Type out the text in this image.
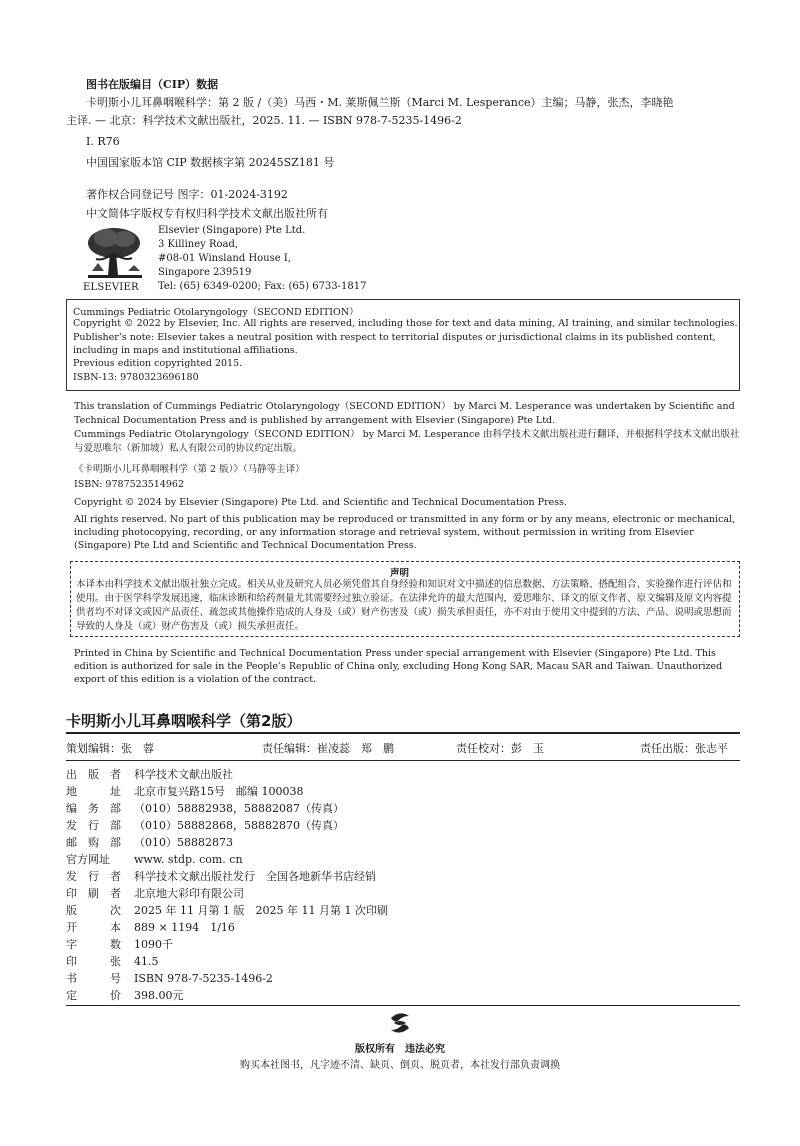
图书在版编目（CIP）数据
卡明斯小儿耳鼻咽喉科学：第 2 版 /（美）马西・M. 莱斯佩兰斯（Marci M. Lesperance）主编；马静，张杰，李晓艳
主译. — 北京：科学技术文献出版社，2025. 11. — ISBN 978-7-5235-1496-2
Ⅰ. R76
中国国家版本馆 CIP 数据核字第 20245SZ181 号
著作权合同登记号 图字：01-2024-3192
中文简体字版权专有权归科学技术文献出版社所有
ELSEVIER
Elsevier (Singapore) Pte Ltd.
3 Killiney Road,
#08-01 Winsland House I,
Singapore 239519
Tel: (65) 6349-0200; Fax: (65) 6733-1817
Cummings Pediatric Otolaryngology（SECOND EDITION）
Copyright © 2022 by Elsevier, Inc. All rights are reserved, including those for text and data mining, AI training, and similar technologies.
Publisher’s note: Elsevier takes a neutral position with respect to territorial disputes or jurisdictional claims in its published content, including in maps and institutional affiliations.
Previous edition copyrighted 2015.
ISBN-13: 9780323696180
This translation of Cummings Pediatric Otolaryngology（SECOND EDITION） by Marci M. Lesperance was undertaken by Scientific and Technical Documentation Press and is published by arrangement with Elsevier (Singapore) Pte Ltd.
Cummings Pediatric Otolaryngology（SECOND EDITION） by Marci M. Lesperance 由科学技术文献出版社进行翻译，并根据科学技术文献出版社与爱思唯尔（新加坡）私人有限公司的协议约定出版。
《卡明斯小儿耳鼻咽喉科学（第 2 版）》（马静等主译）
ISBN: 9787523514962
Copyright © 2024 by Elsevier (Singapore) Pte Ltd. and Scientific and Technical Documentation Press.
All rights reserved. No part of this publication may be reproduced or transmitted in any form or by any means, electronic or mechanical, including photocopying, recording, or any information storage and retrieval system, without permission in writing from Elsevier (Singapore) Pte Ltd and Scientific and Technical Documentation Press.
声明
本译本由科学技术文献出版社独立完成。相关从业及研究人员必须凭借其自身经验和知识对文中描述的信息数据、方法策略、搭配组合、实验操作进行评估和使用。由于医学科学发展迅速，临床诊断和给药剂量尤其需要经过独立验证。在法律允许的最大范围内，爱思唯尔、译文的原文作者、原文编辑及原文内容提供者均不对译文或因产品责任、疏忽或其他操作造成的人身及（或）财产伤害及（或）损失承担责任，亦不对由于使用文中提到的方法、产品、说明或思想而导致的人身及（或）财产伤害及（或）损失承担责任。
Printed in China by Scientific and Technical Documentation Press under special arrangement with Elsevier (Singapore) Pte Ltd. This edition is authorized for sale in the People’s Republic of China only, excluding Hong Kong SAR, Macau SAR and Taiwan. Unauthorized export of this edition is a violation of the contract.
卡明斯小儿耳鼻咽喉科学（第2版）
策划编辑：张　蓉	责任编辑：崔凌蕊　郑　鹏	责任校对：彭　玉	责任出版：张志平
出　版　者 科学技术文献出版社
地　　　址 北京市复兴路15号　邮编 100038
编　务　部 （010）58882938，58882087（传真）
发　行　部 （010）58882868，58882870（传真）
邮　购　部 （010）58882873
官方网址 www. stdp. com. cn
发　行　者 科学技术文献出版社发行　全国各地新华书店经销
印　刷　者 北京地大彩印有限公司
版　　　次 2025 年 11 月第 1 版　2025 年 11 月第 1 次印刷
开　　　本 889 × 1194　1/16
字　　　数 1090千
印　　　张 41.5
书　　　号 ISBN 978-7-5235-1496-2
定　　　价 398.00元
版权所有　违法必究
购买本社图书，凡字迹不清、缺页、倒页、脱页者，本社发行部负责调换
